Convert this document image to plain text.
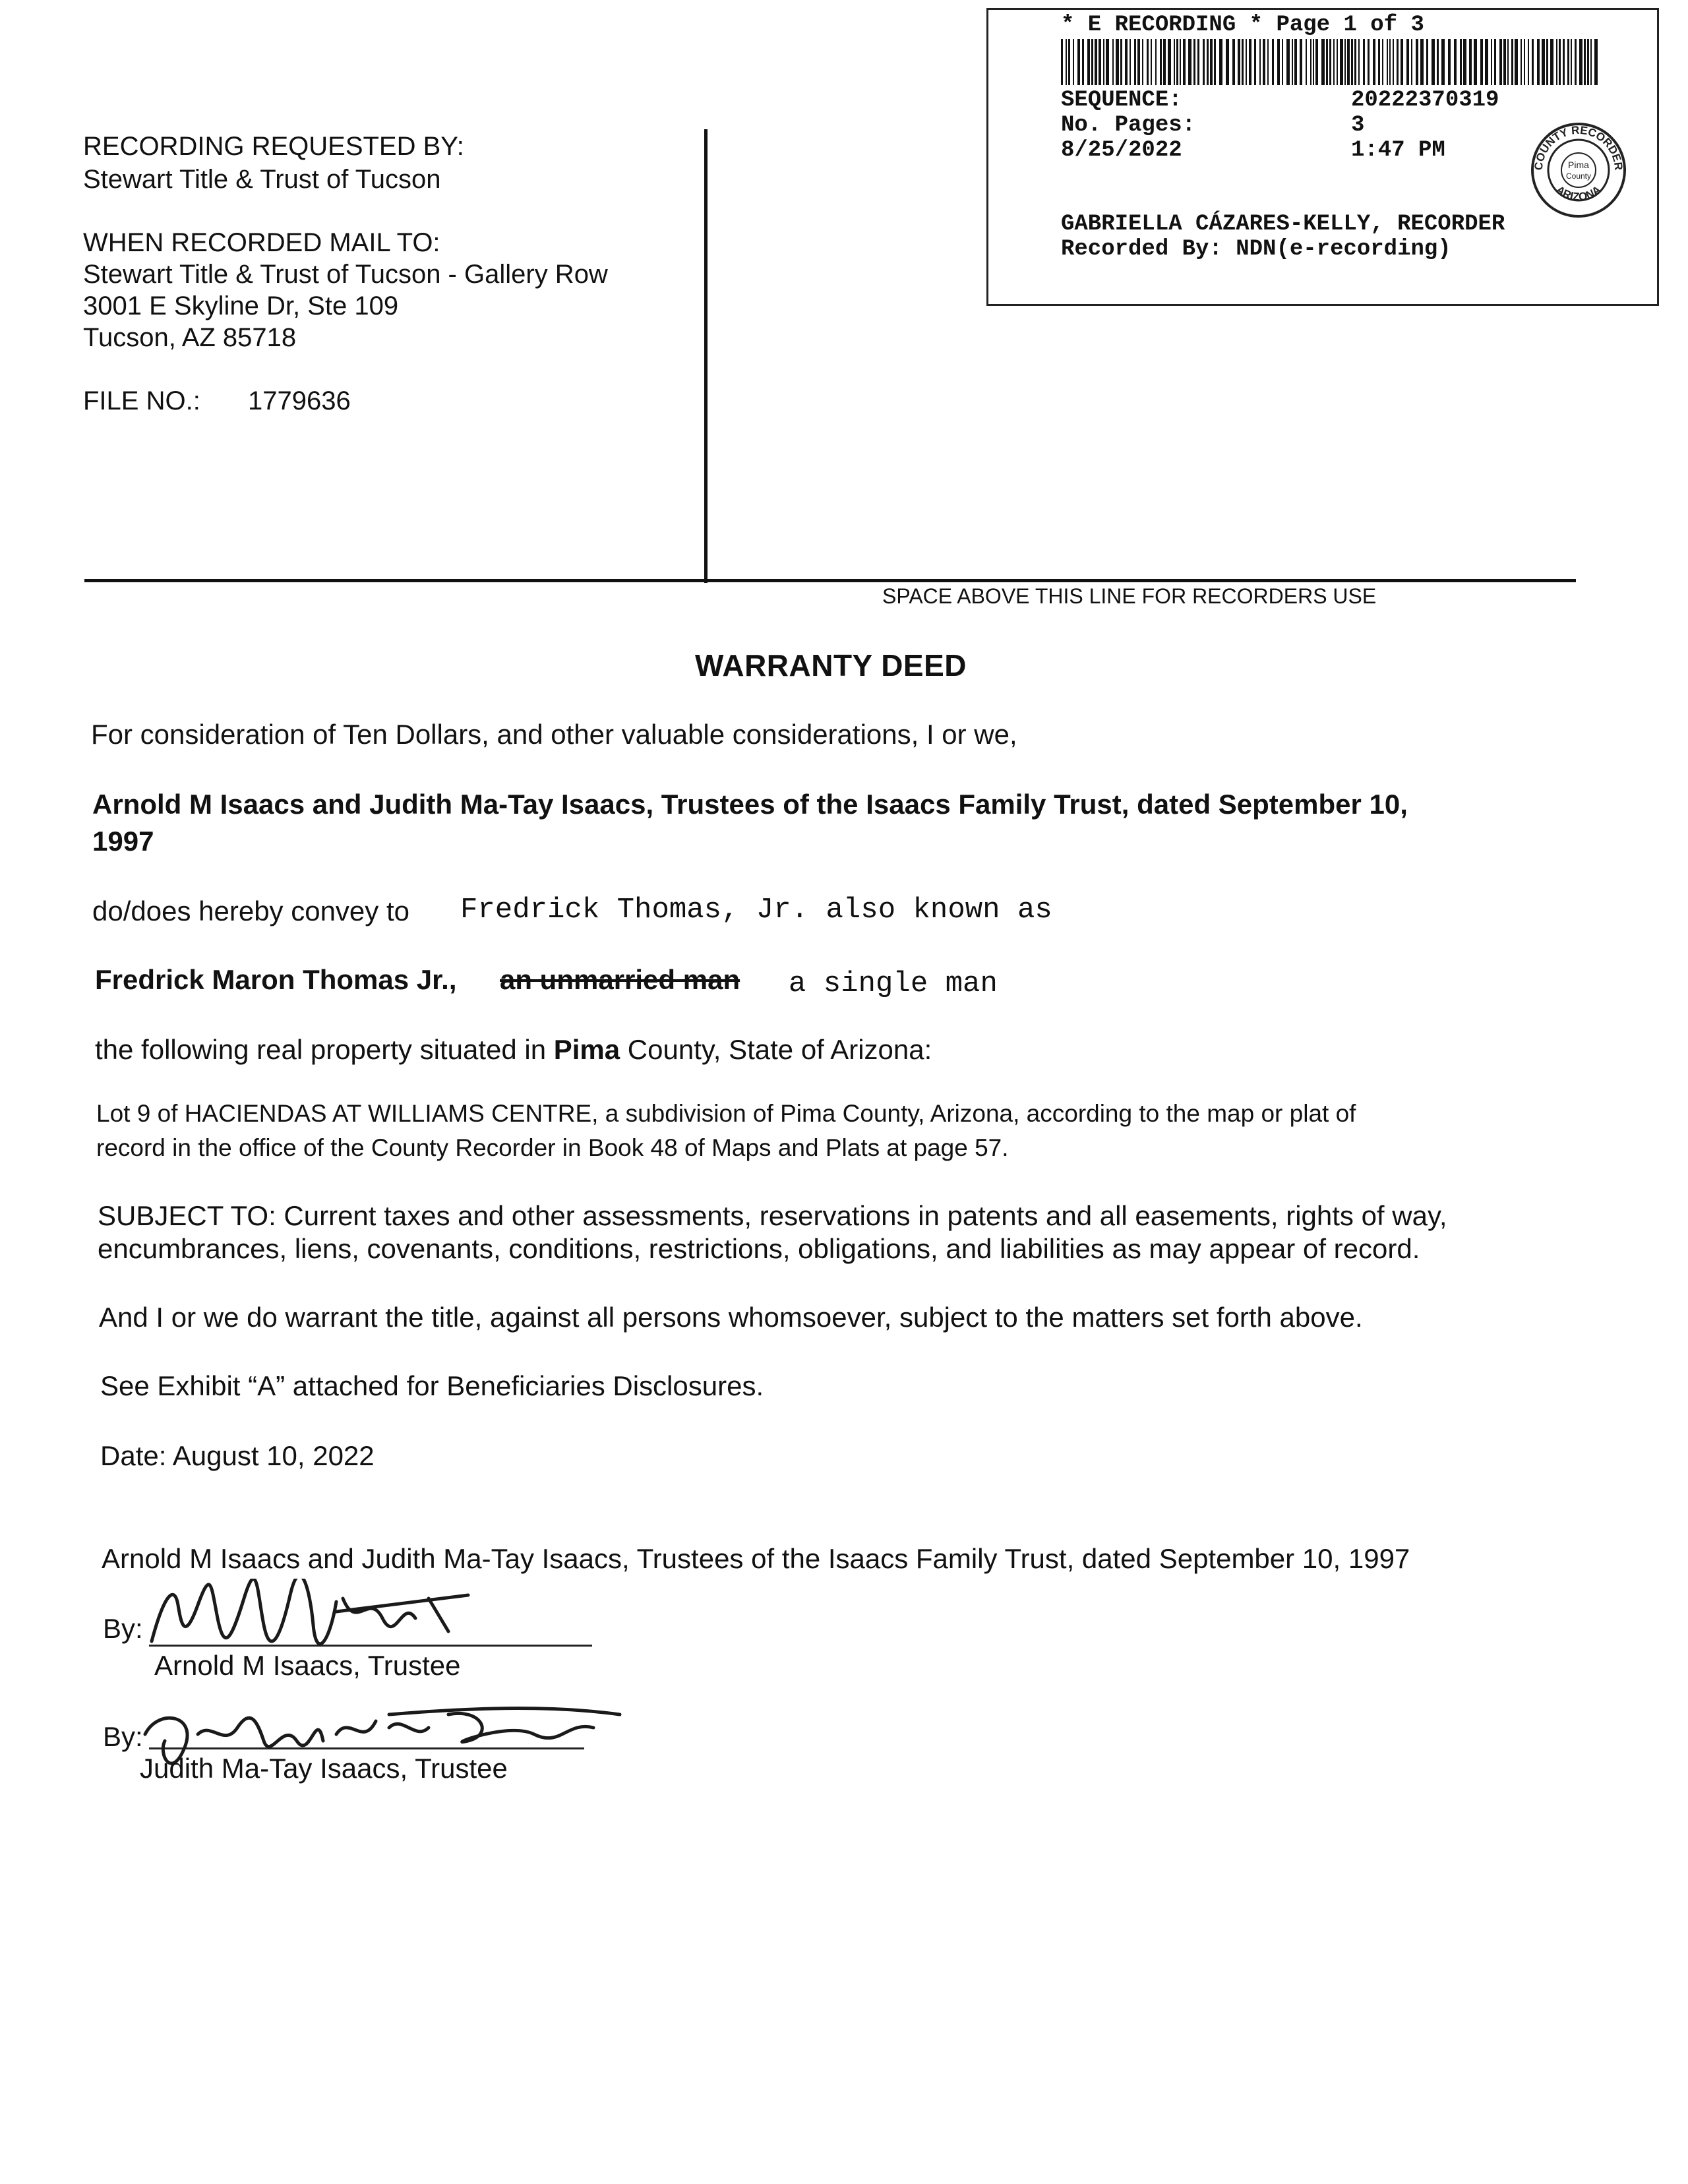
* E RECORDING * Page 1 of 3
SEQUENCE:	20222370319
No. Pages:	3
8/25/2022	1:47 PM
COUNTY RECORDER
ARIZONA
Pima
County
GABRIELLA CÁZARES-KELLY, RECORDER
Recorded By: NDN(e-recording)
RECORDING REQUESTED BY:
Stewart Title & Trust of Tucson
WHEN RECORDED MAIL TO:
Stewart Title & Trust of Tucson - Gallery Row
3001 E Skyline Dr, Ste 109
Tucson, AZ 85718
FILE NO.: 1779636
SPACE ABOVE THIS LINE FOR RECORDERS USE
WARRANTY DEED
For consideration of Ten Dollars, and other valuable considerations, I or we,
Arnold M Isaacs and Judith Ma-Tay Isaacs, Trustees of the Isaacs Family Trust, dated September 10,
1997
do/does hereby convey to Fredrick Thomas, Jr. also known as
Fredrick Maron Thomas Jr., an unmarried man a single man
the following real property situated in Pima County, State of Arizona:
Lot 9 of HACIENDAS AT WILLIAMS CENTRE, a subdivision of Pima County, Arizona, according to the map or plat of
record in the office of the County Recorder in Book 48 of Maps and Plats at page 57.
SUBJECT TO: Current taxes and other assessments, reservations in patents and all easements, rights of way,
encumbrances, liens, covenants, conditions, restrictions, obligations, and liabilities as may appear of record.
And I or we do warrant the title, against all persons whomsoever, subject to the matters set forth above.
See Exhibit “A” attached for Beneficiaries Disclosures.
Date: August 10, 2022
Arnold M Isaacs and Judith Ma-Tay Isaacs, Trustees of the Isaacs Family Trust, dated September 10, 1997
By:
Arnold M Isaacs, Trustee
By:
Judith Ma-Tay Isaacs, Trustee
